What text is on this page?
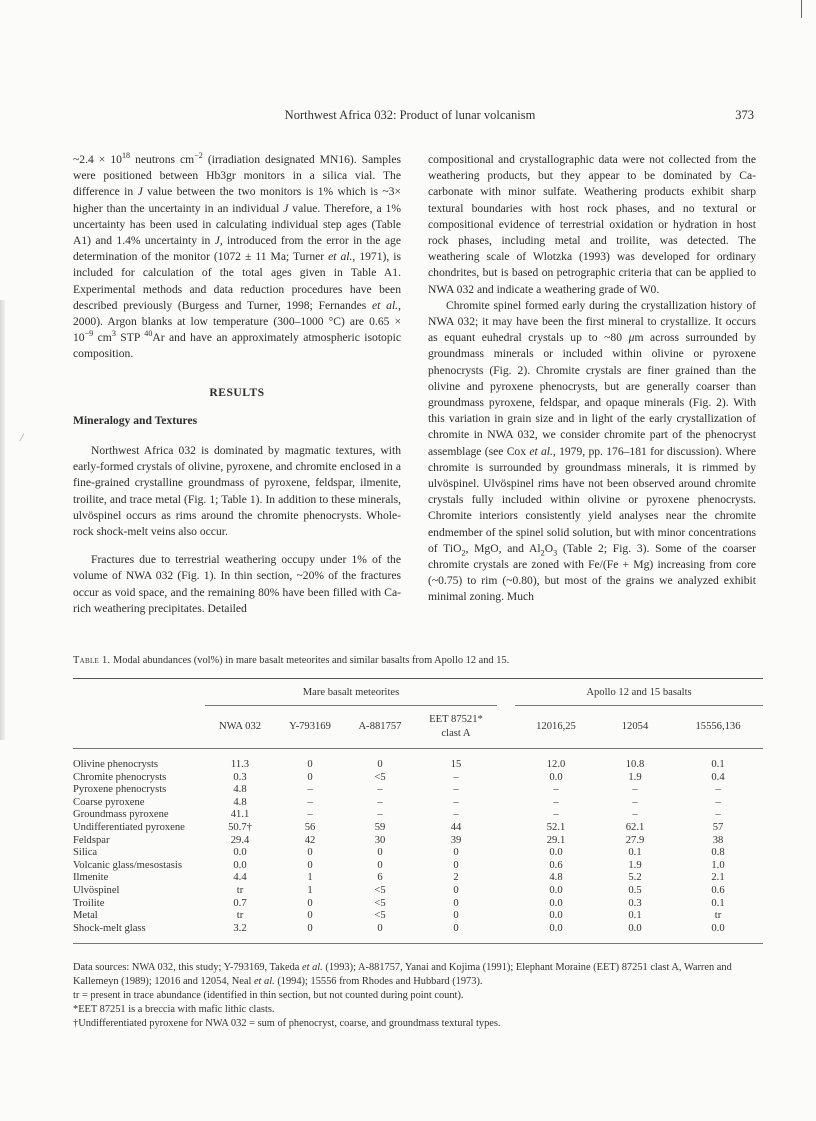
/
Northwest Africa 032: Product of lunar volcanism	373

~2.4 × $10^{18}$ neutrons $cm^{-2}$ (irradiation designated MN16). Samples were positioned between Hb3gr monitors in a silica vial. The difference in J value between the two monitors is 1% which is ~3× higher than the uncertainty in an individual J value. Therefore, a 1% uncertainty has been used in calculating individual step ages (Table A1) and 1.4% uncertainty in J, introduced from the error in the age determination of the monitor (1072 ± 11 Ma; Turner et al., 1971), is included for calculation of the total ages given in Table A1. Experimental methods and data reduction procedures have been described previously (Burgess and Turner, 1998; Fernandes et al., 2000). Argon blanks at low temperature (300–1000 °C) are $0.65 \times 10^{-9}$ $cm^3$ STP $^{40}$Ar and have an approximately atmospheric isotopic composition.

RESULTS
Mineralogy and Textures

Northwest Africa 032 is dominated by magmatic textures, with early-formed crystals of olivine, pyroxene, and chromite enclosed in a fine-grained crystalline groundmass of pyroxene, feldspar, ilmenite, troilite, and trace metal (Fig. 1; Table 1). In addition to these minerals, ulvöspinel occurs as rims around the chromite phenocrysts. Whole-rock shock-melt veins also occur.

Fractures due to terrestrial weathering occupy under 1% of the volume of NWA 032 (Fig. 1). In thin section, ~20% of the fractures occur as void space, and the remaining 80% have been filled with Ca-rich weathering precipitates. Detailed

compositional and crystallographic data were not collected from the weathering products, but they appear to be dominated by Ca-carbonate with minor sulfate. Weathering products exhibit sharp textural boundaries with host rock phases, and no textural or compositional evidence of terrestrial oxidation or hydration in host rock phases, including metal and troilite, was detected. The weathering scale of Wlotzka (1993) was developed for ordinary chondrites, but is based on petrographic criteria that can be applied to NWA 032 and indicate a weathering grade of W0.

Chromite spinel formed early during the crystallization history of NWA 032; it may have been the first mineral to crystallize. It occurs as equant euhedral crystals up to ~80 μm across surrounded by groundmass minerals or included within olivine or pyroxene phenocrysts (Fig. 2). Chromite crystals are finer grained than the olivine and pyroxene phenocrysts, but are generally coarser than groundmass pyroxene, feldspar, and opaque minerals (Fig. 2). With this variation in grain size and in light of the early crystallization of chromite in NWA 032, we consider chromite part of the phenocryst assemblage (see Cox et al., 1979, pp. 176–181 for discussion). Where chromite is surrounded by groundmass minerals, it is rimmed by ulvöspinel. Ulvöspinel rims have not been observed around chromite crystals fully included within olivine or pyroxene phenocrysts. Chromite interiors consistently yield analyses near the chromite endmember of the spinel solid solution, but with minor concentrations of TiO$_2$, MgO, and $Al_2O_3$ (Table 2; Fig. 3). Some of the coarser chromite crystals are zoned with Fe/(Fe + Mg) increasing from core (~0.75) to rim (~0.80), but most of the grains we analyzed exhibit minimal zoning. Much

Table 1. Modal abundances (vol%) in mare basalt meteorites and similar basalts from Apollo 12 and 15.

	Mare basalt meteorites					Apollo 12 and 15 basalts		
	NWA 032	Y-793169	A-881757	EET 87521*
clast A		12016,25	12054	15556,136

Olivine phenocrysts	11.3	0	0	15		12.0	10.8	0.1
Chromite phenocrysts	0.3	0	<5	–		0.0	1.9	0.4
Pyroxene phenocrysts	4.8	–	–	–		–	–	–
Coarse pyroxene	4.8	–	–	–		–	–	–
Groundmass pyroxene	41.1	–	–	–		–	–	–
Undifferentiated pyroxene	50.7†	56	59	44		52.1	62.1	57
Feldspar	29.4	42	30	39		29.1	27.9	38
Silica	0.0	0	0	0		0.0	0.1	0.8
Volcanic glass/mesostasis	0.0	0	0	0		0.6	1.9	1.0
Ilmenite	4.4	1	6	2		4.8	5.2	2.1
Ulvöspinel	tr	1	<5	0		0.0	0.5	0.6
Troilite	0.7	0	<5	0		0.0	0.3	0.1
Metal	tr	0	<5	0		0.0	0.1	tr
Shock-melt glass	3.2	0	0	0		0.0	0.0	0.0

Data sources: NWA 032, this study; Y-793169, Takeda et al. (1993); A-881757, Yanai and Kojima (1991); Elephant Moraine (EET) 87251 clast A, Warren and Kallemeyn (1989); 12016 and 12054, Neal et al. (1994); 15556 from Rhodes and Hubbard (1973).

tr = present in trace abundance (identified in thin section, but not counted during point count).

*EET 87251 is a breccia with mafic lithic clasts.

†Undifferentiated pyroxene for NWA 032 = sum of phenocryst, coarse, and groundmass textural types.
